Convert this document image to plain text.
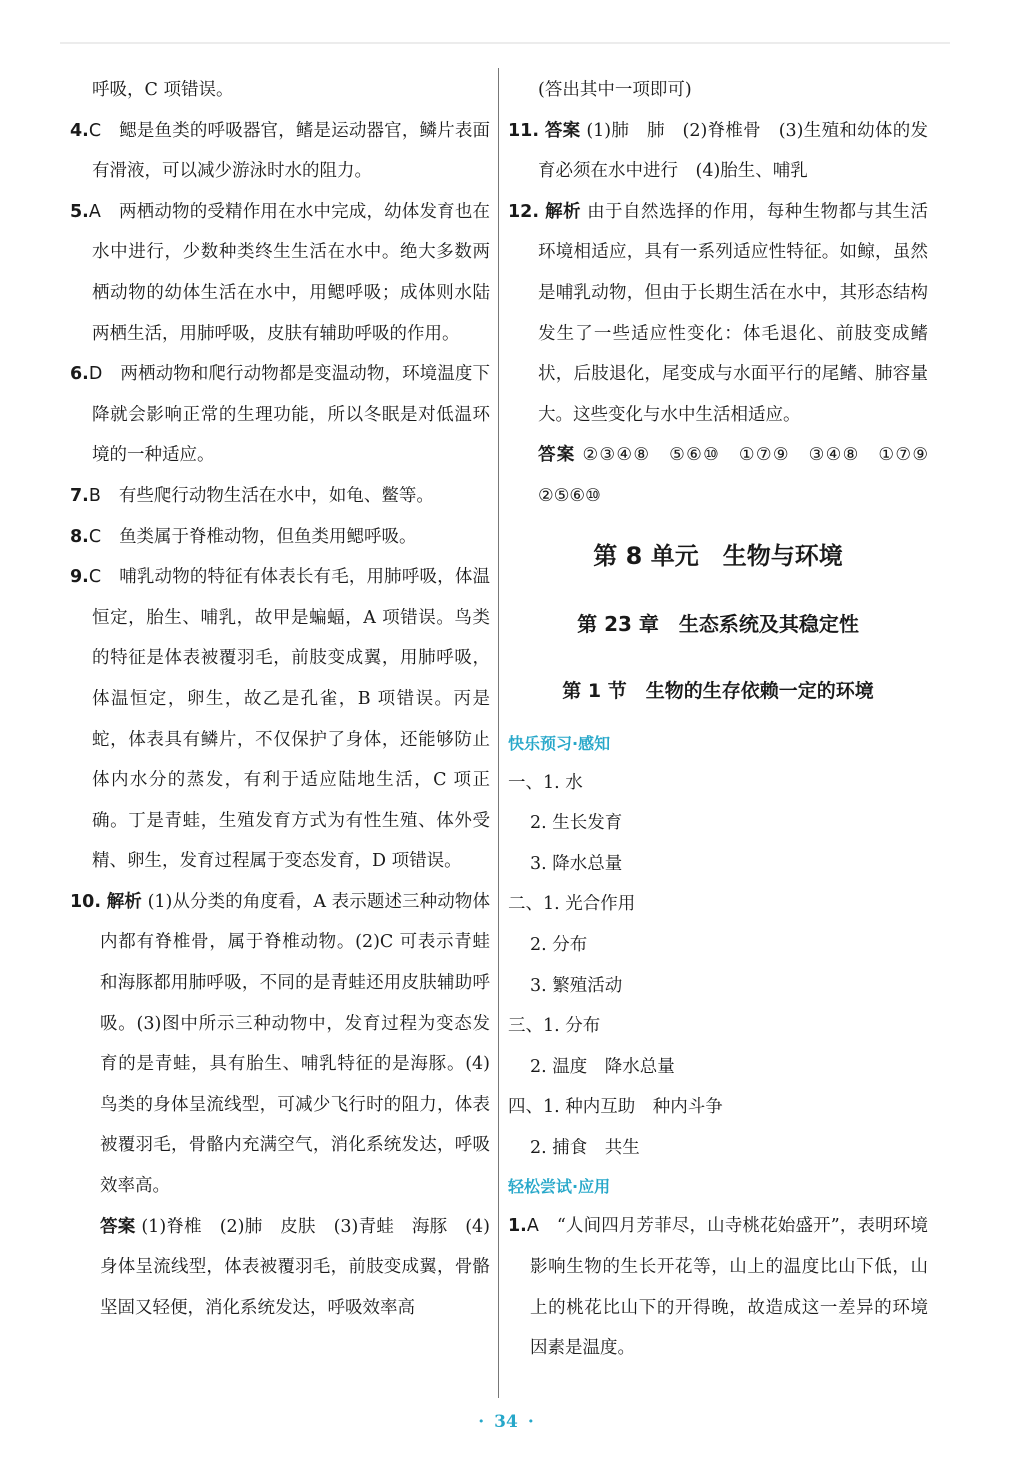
呼吸，C 项错误。
4.C 鳃是鱼类的呼吸器官，鳍是运动器官，鳞片表面有滑液，可以减少游泳时水的阻力。
5.A 两栖动物的受精作用在水中完成，幼体发育也在水中进行，少数种类终生生活在水中。绝大多数两栖动物的幼体生活在水中，用鳃呼吸；成体则水陆两栖生活，用肺呼吸，皮肤有辅助呼吸的作用。
6.D 两栖动物和爬行动物都是变温动物，环境温度下降就会影响正常的生理功能，所以冬眠是对低温环境的一种适应。
7.B 有些爬行动物生活在水中，如龟、鳖等。
8.C 鱼类属于脊椎动物，但鱼类用鳃呼吸。
9.C 哺乳动物的特征有体表长有毛，用肺呼吸，体温恒定，胎生、哺乳，故甲是蝙蝠，A 项错误。鸟类的特征是体表被覆羽毛，前肢变成翼，用肺呼吸，体温恒定，卵生，故乙是孔雀，B 项错误。丙是蛇，体表具有鳞片，不仅保护了身体，还能够防止体内水分的蒸发，有利于适应陆地生活，C 项正确。丁是青蛙，生殖发育方式为有性生殖、体外受精、卵生，发育过程属于变态发育，D 项错误。
10. 解析 (1)从分类的角度看，A 表示题述三种动物体内都有脊椎骨，属于脊椎动物。(2)C 可表示青蛙和海豚都用肺呼吸，不同的是青蛙还用皮肤辅助呼吸。(3)图中所示三种动物中，发育过程为变态发育的是青蛙，具有胎生、哺乳特征的是海豚。(4)鸟类的身体呈流线型，可减少飞行时的阻力，体表被覆羽毛，骨骼内充满空气，消化系统发达，呼吸效率高。
答案 (1)脊椎　(2)肺　皮肤　(3)青蛙　海豚　(4)身体呈流线型，体表被覆羽毛，前肢变成翼，骨骼坚固又轻便，消化系统发达，呼吸效率高
(答出其中一项即可)
11. 答案 (1)肺　肺　(2)脊椎骨　(3)生殖和幼体的发育必须在水中进行　(4)胎生、哺乳
12. 解析 由于自然选择的作用，每种生物都与其生活环境相适应，具有一系列适应性特征。如鲸，虽然是哺乳动物，但由于长期生活在水中，其形态结构发生了一些适应性变化：体毛退化、前肢变成鳍状，后肢退化，尾变成与水面平行的尾鳍、肺容量大。这些变化与水中生活相适应。
答案 ②③④⑧　⑤⑥⑩　①⑦⑨　③④⑧　①⑦⑨　②⑤⑥⑩
第 8 单元　生物与环境
第 23 章　生态系统及其稳定性
第 1 节　生物的生存依赖一定的环境
快乐预习·感知
一、1. 水
2. 生长发育
3. 降水总量
二、1. 光合作用
2. 分布
3. 繁殖活动
三、1. 分布
2. 温度　降水总量
四、1. 种内互助　种内斗争
2. 捕食　共生
轻松尝试·应用
1.A “人间四月芳菲尽，山寺桃花始盛开”，表明环境影响生物的生长开花等，山上的温度比山下低，山上的桃花比山下的开得晚，故造成这一差异的环境因素是温度。
· 34 ·
